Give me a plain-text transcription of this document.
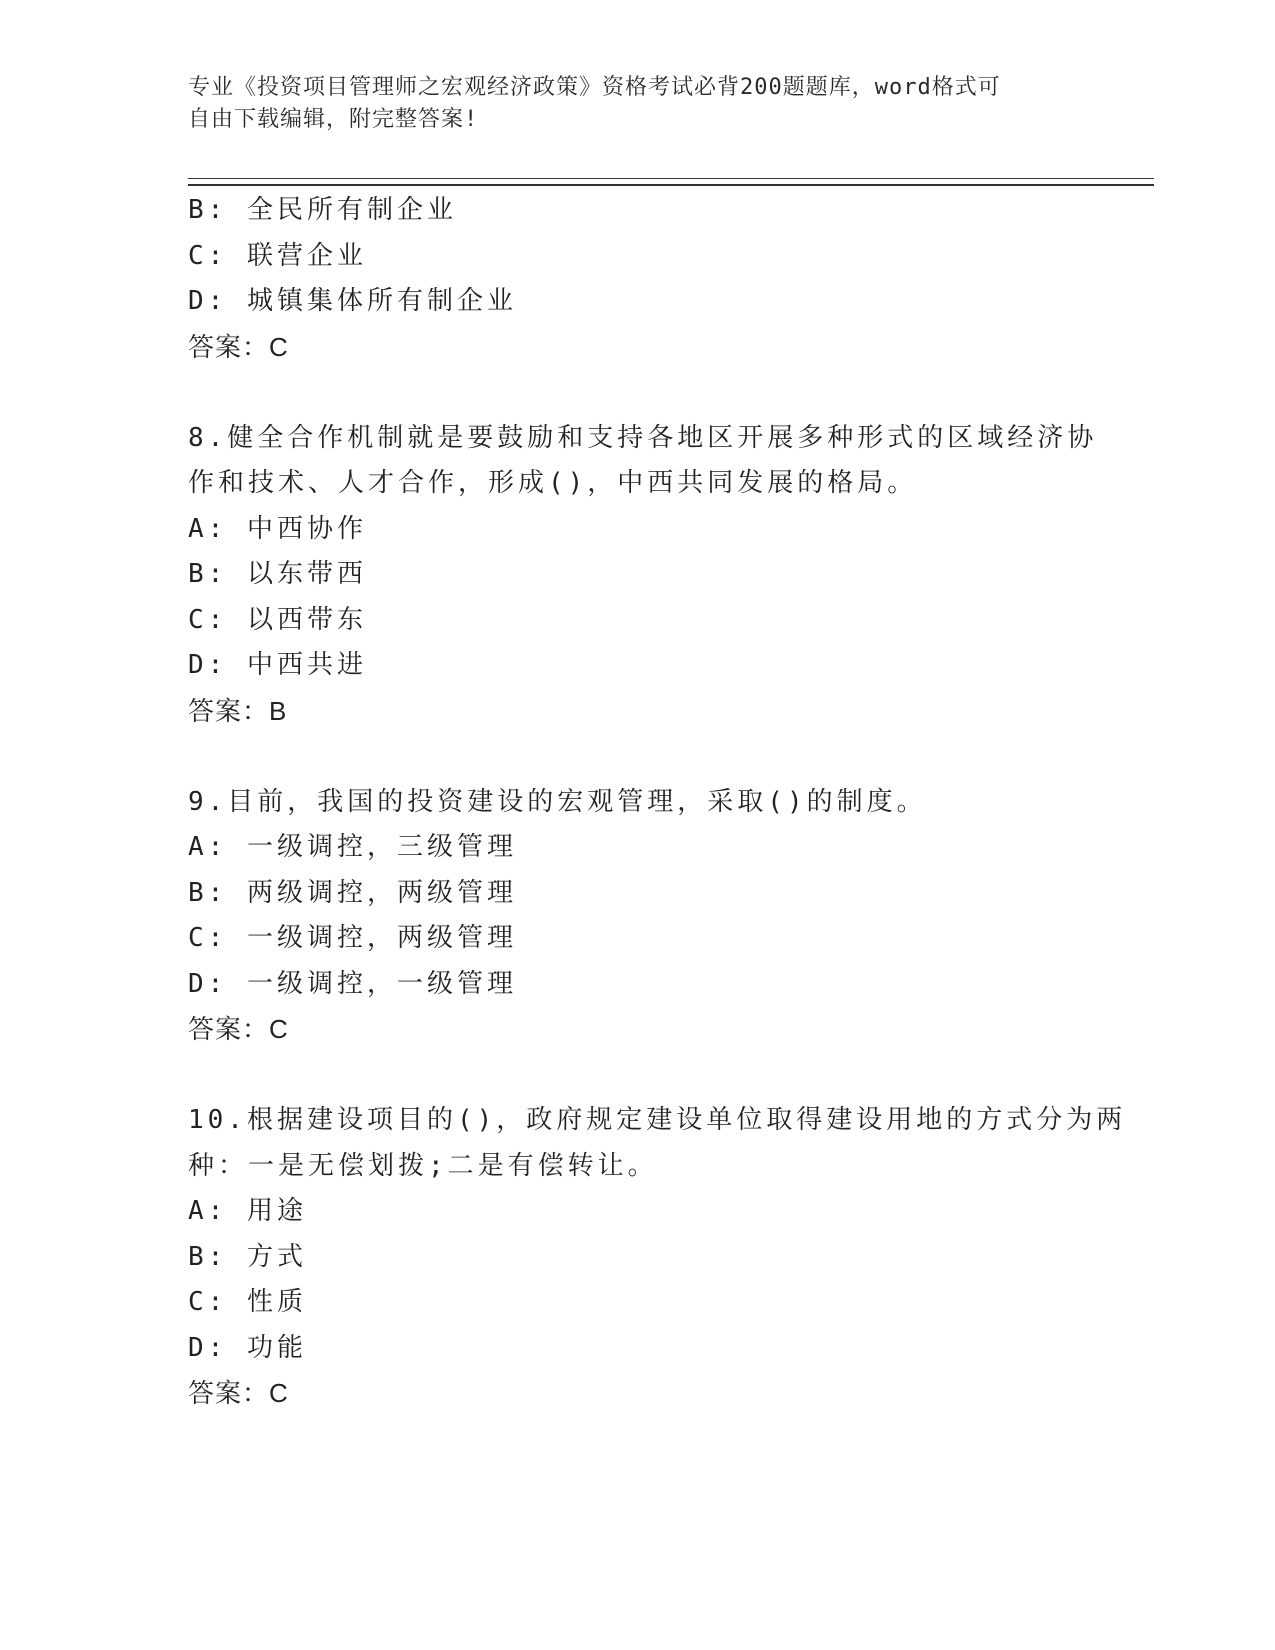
专业《投资项目管理师之宏观经济政策》资格考试必背200题题库，word格式可
自由下载编辑，附完整答案!
B: 全民所有制企业
C: 联营企业
D: 城镇集体所有制企业
答案：C
8.健全合作机制就是要鼓励和支持各地区开展多种形式的区域经济协
作和技术、人才合作，形成()，中西共同发展的格局。
A: 中西协作
B: 以东带西
C: 以西带东
D: 中西共进
答案：B
9.目前，我国的投资建设的宏观管理，采取()的制度。
A: 一级调控，三级管理
B: 两级调控，两级管理
C: 一级调控，两级管理
D: 一级调控，一级管理
答案：C
10.根据建设项目的()，政府规定建设单位取得建设用地的方式分为两
种：一是无偿划拨;二是有偿转让。
A: 用途
B: 方式
C: 性质
D: 功能
答案：C
